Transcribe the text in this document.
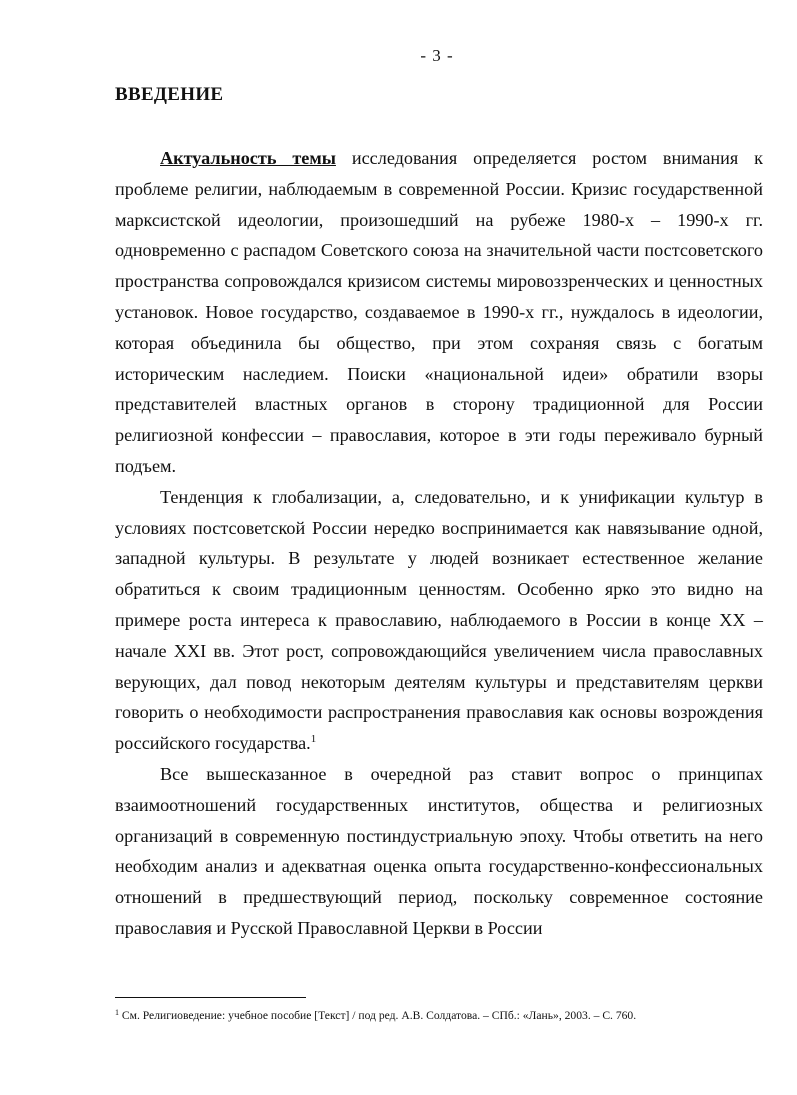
- 3 -
ВВЕДЕНИЕ

Актуальность темы исследования определяется ростом внимания к проблеме религии, наблюдаемым в современной России. Кризис государственной марксистской идеологии, произошедший на рубеже 1980-х – 1990-х гг. одновременно с распадом Советского союза на значительной части постсоветского пространства сопровождался кризисом системы мировоззренческих и ценностных установок. Новое государство, создаваемое в 1990-х гг., нуждалось в идеологии, которая объединила бы общество, при этом сохраняя связь с богатым историческим наследием. Поиски «национальной идеи» обратили взоры представителей властных органов в сторону традиционной для России религиозной конфессии – православия, которое в эти годы переживало бурный подъем.

Тенденция к глобализации, а, следовательно, и к унификации культур в условиях постсоветской России нередко воспринимается как навязывание одной, западной культуры. В результате у людей возникает естественное желание обратиться к своим традиционным ценностям. Особенно ярко это видно на примере роста интереса к православию, наблюдаемого в России в конце XX – начале XXI вв. Этот рост, сопровождающийся увеличением числа православных верующих, дал повод некоторым деятелям культуры и представителям церкви говорить о необходимости распространения православия как основы возрождения российского государства.$^1$

Все вышесказанное в очередной раз ставит вопрос о принципах взаимоотношений государственных институтов, общества и религиозных организаций в современную постиндустриальную эпоху. Чтобы ответить на него необходим анализ и адекватная оценка опыта государственно-конфессиональных отношений в предшествующий период, поскольку современное состояние православия и Русской Православной Церкви в России

$^1$ См. Религиоведение: учебное пособие [Текст] / под ред. А.В. Солдатова. – СПб.: «Лань», 2003. – С. 760.
